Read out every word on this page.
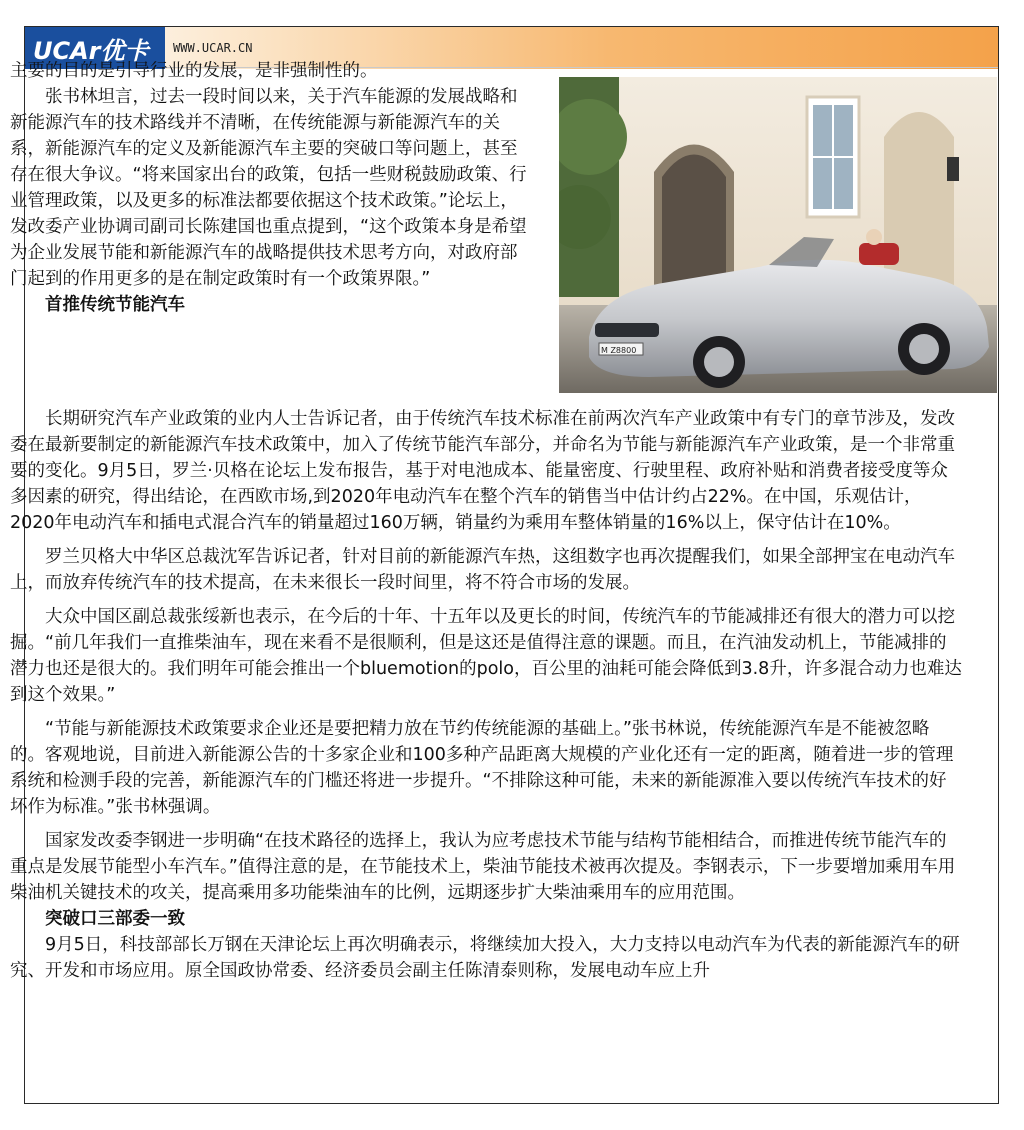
UCAr优卡 WWW.UCAR.CN
M Z8800

主要的目的是引导行业的发展，是非强制性的。

张书林坦言，过去一段时间以来，关于汽车能源的发展战略和新能源汽车的技术路线并不清晰，在传统能源与新能源汽车的关系，新能源汽车的定义及新能源汽车主要的突破口等问题上，甚至存在很大争议。“将来国家出台的政策，包括一些财税鼓励政策、行业管理政策，以及更多的标准法都要依据这个技术政策。”论坛上，发改委产业协调司副司长陈建国也重点提到，“这个政策本身是希望为企业发展节能和新能源汽车的战略提供技术思考方向，对政府部门起到的作用更多的是在制定政策时有一个政策界限。”

首推传统节能汽车

长期研究汽车产业政策的业内人士告诉记者，由于传统汽车技术标准在前两次汽车产业政策中有专门的章节涉及，发改委在最新要制定的新能源汽车技术政策中，加入了传统节能汽车部分，并命名为节能与新能源汽车产业政策，是一个非常重要的变化。9月5日，罗兰·贝格在论坛上发布报告，基于对电池成本、能量密度、行驶里程、政府补贴和消费者接受度等众多因素的研究，得出结论，在西欧市场,到2020年电动汽车在整个汽车的销售当中估计约占22%。在中国，乐观估计，2020年电动汽车和插电式混合汽车的销量超过160万辆，销量约为乘用车整体销量的16%以上，保守估计在10%。

罗兰贝格大中华区总裁沈军告诉记者，针对目前的新能源汽车热，这组数字也再次提醒我们，如果全部押宝在电动汽车上，而放弃传统汽车的技术提高，在未来很长一段时间里，将不符合市场的发展。

大众中国区副总裁张绥新也表示，在今后的十年、十五年以及更长的时间，传统汽车的节能减排还有很大的潜力可以挖掘。“前几年我们一直推柴油车，现在来看不是很顺利，但是这还是值得注意的课题。而且，在汽油发动机上，节能减排的潜力也还是很大的。我们明年可能会推出一个bluemotion的polo，百公里的油耗可能会降低到3.8升，许多混合动力也难达到这个效果。”

“节能与新能源技术政策要求企业还是要把精力放在节约传统能源的基础上。”张书林说，传统能源汽车是不能被忽略的。客观地说，目前进入新能源公告的十多家企业和100多种产品距离大规模的产业化还有一定的距离，随着进一步的管理系统和检测手段的完善，新能源汽车的门槛还将进一步提升。“不排除这种可能，未来的新能源准入要以传统汽车技术的好坏作为标准。”张书林强调。

国家发改委李钢进一步明确“在技术路径的选择上，我认为应考虑技术节能与结构节能相结合，而推进传统节能汽车的重点是发展节能型小车汽车。”值得注意的是，在节能技术上，柴油节能技术被再次提及。李钢表示，下一步要增加乘用车用柴油机关键技术的攻关，提高乘用多功能柴油车的比例，远期逐步扩大柴油乘用车的应用范围。

突破口三部委一致

9月5日，科技部部长万钢在天津论坛上再次明确表示，将继续加大投入，大力支持以电动汽车为代表的新能源汽车的研究、开发和市场应用。原全国政协常委、经济委员会副主任陈清泰则称，发展电动车应上升
